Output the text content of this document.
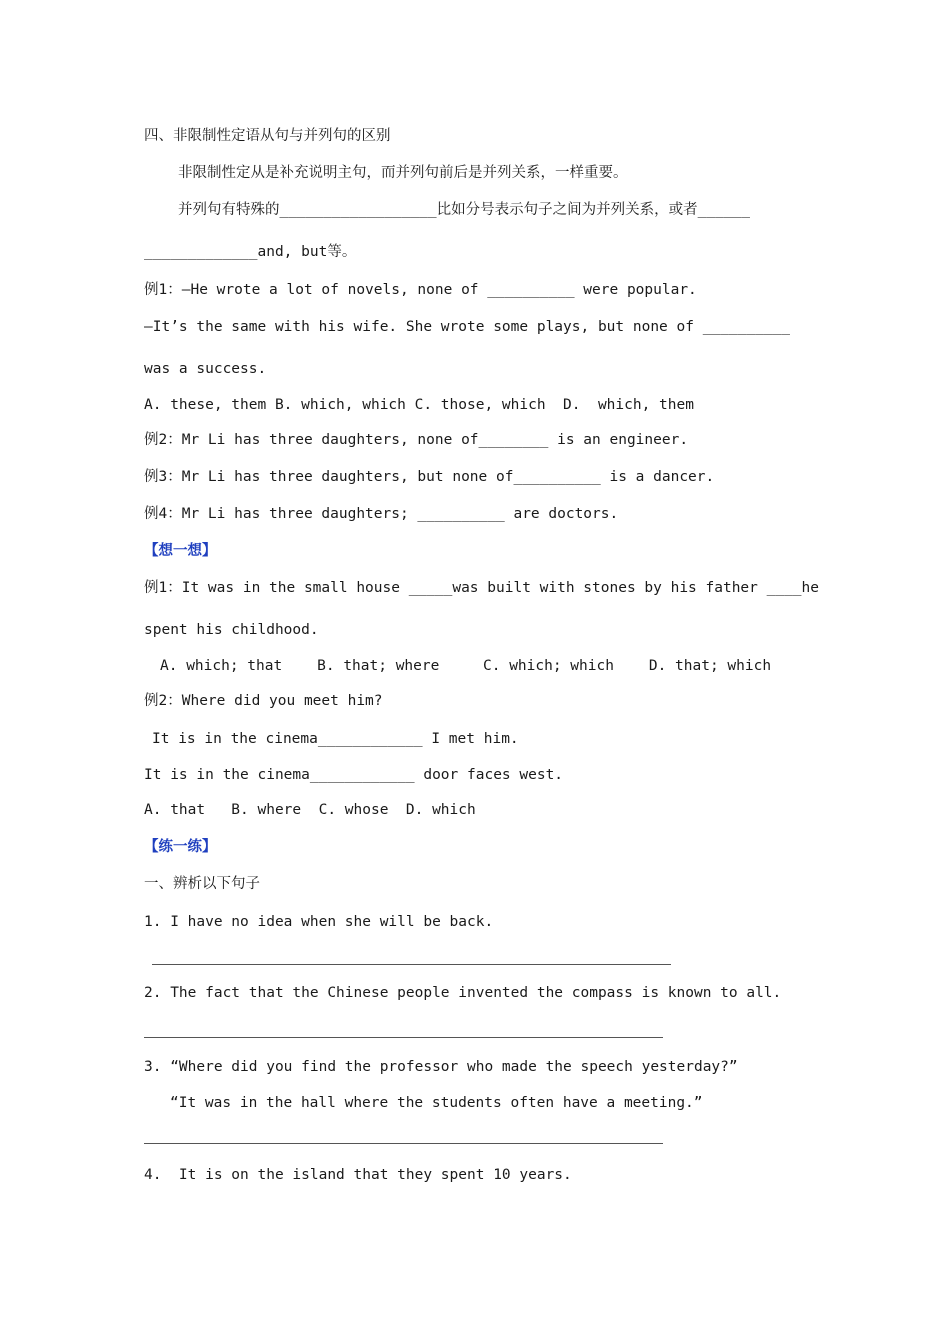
四、非限制性定语从句与并列句的区别
非限制性定从是补充说明主句，而并列句前后是并列关系，一样重要。
并列句有特殊的__________________比如分号表示句子之间为并列关系，或者______
_____________and, but等。
例1：—He wrote a lot of novels, none of __________ were popular.
—It’s the same with his wife. She wrote some plays, but none of __________
was a success.
A. these, them B. which, which C. those, which  D.  which, them
例2：Mr Li has three daughters, none of________ is an engineer.
例3：Mr Li has three daughters, but none of__________ is a dancer.
例4：Mr Li has three daughters; __________ are doctors.
【想一想】
例1：It was in the small house _____was built with stones by his father ____he
spent his childhood.
A. which; that    B. that; where     C. which; which    D. that; which
例2：Where did you meet him?
It is in the cinema____________ I met him.
It is in the cinema____________ door faces west.
A. that   B. where  C. whose  D. which
【练一练】
一、辨析以下句子
1. I have no idea when she will be back.
2. The fact that the Chinese people invented the compass is known to all.
3. “Where did you find the professor who made the speech yesterday?”
“It was in the hall where the students often have a meeting.”
4.  It is on the island that they spent 10 years.
